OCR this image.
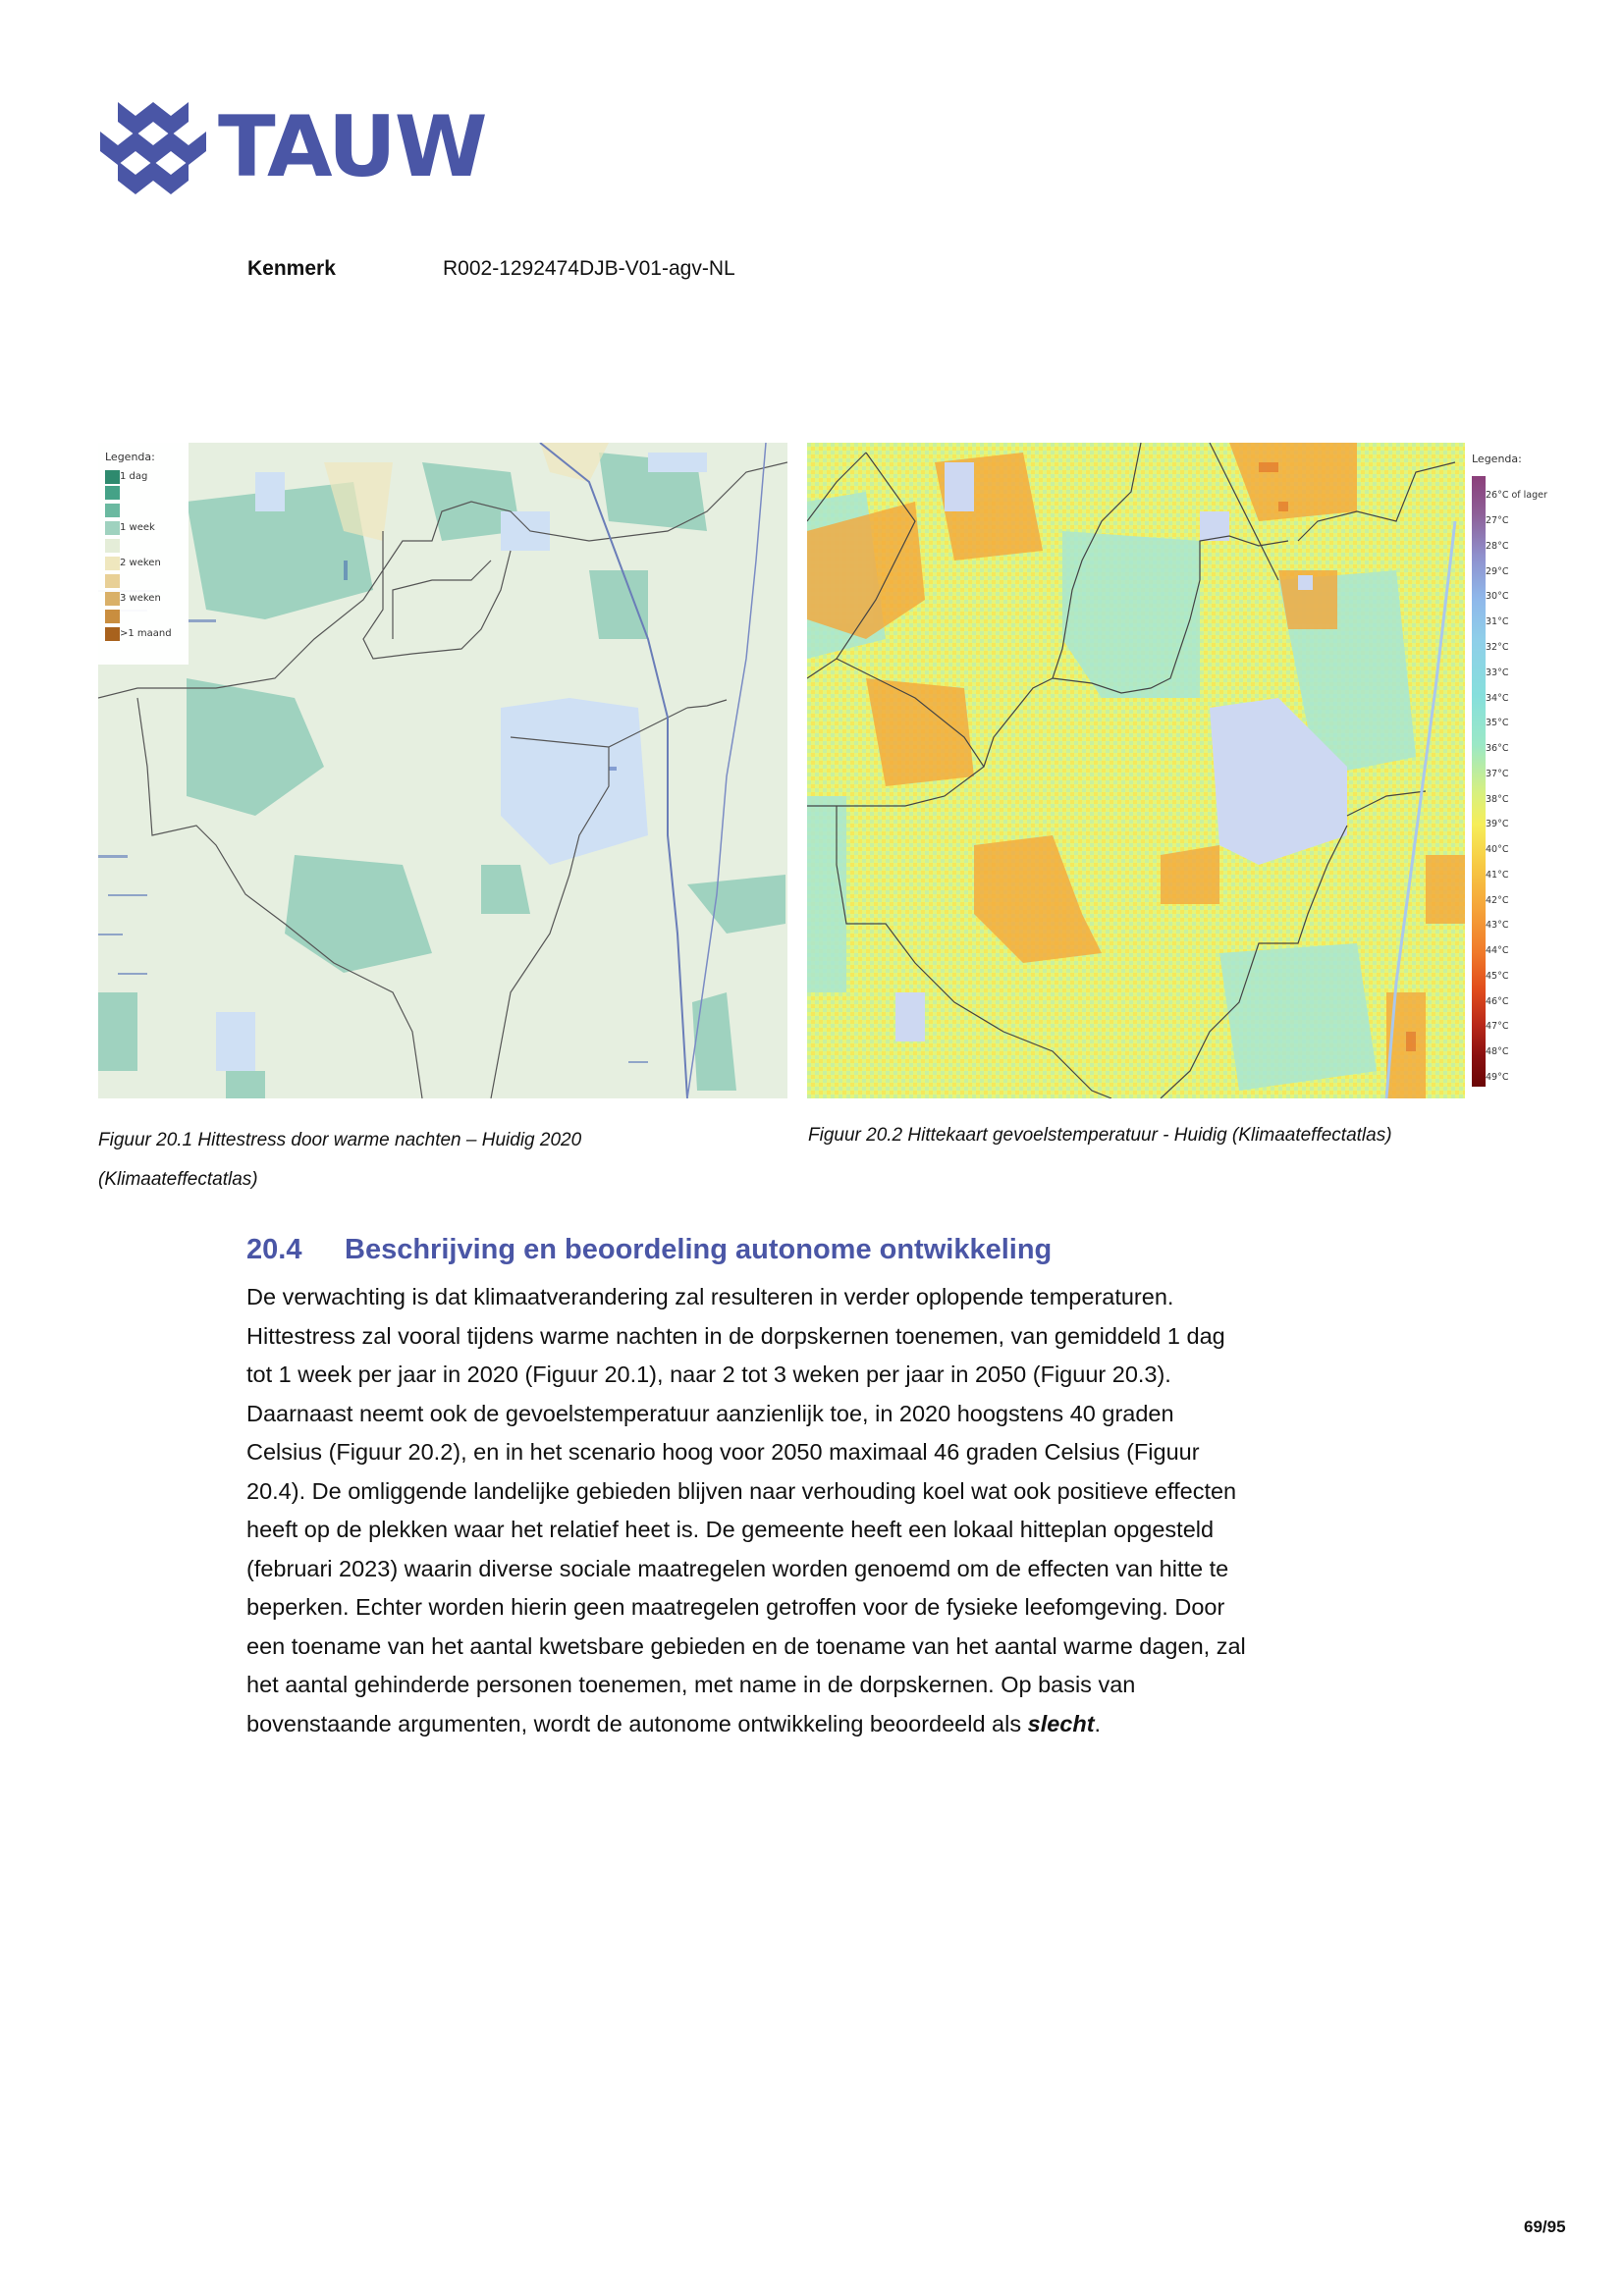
TAUW
Kenmerk	R002-1292474DJB-V01-agv-NL
Legenda:
1 dag
1 week
2 weken
3 weken
>1 maand
Legenda:
26°C of lager
27°C
28°C
29°C
30°C
31°C
32°C
33°C
34°C
35°C
36°C
37°C
38°C
39°C
40°C
41°C
42°C
43°C
44°C
45°C
46°C
47°C
48°C
49°C
Figuur 20.1 Hittestress door warme nachten – Huidig 2020
(Klimaateffectatlas)
Figuur 20.2 Hittekaart gevoelstemperatuur - Huidig (Klimaateffectatlas)
20.4	Beschrijving en beoordeling autonome ontwikkeling
De verwachting is dat klimaatverandering zal resulteren in verder oplopende temperaturen.
Hittestress zal vooral tijdens warme nachten in de dorpskernen toenemen, van gemiddeld 1 dag
tot 1 week per jaar in 2020 (Figuur 20.1), naar 2 tot 3 weken per jaar in 2050 (Figuur 20.3).
Daarnaast neemt ook de gevoelstemperatuur aanzienlijk toe, in 2020 hoogstens 40 graden
Celsius (Figuur 20.2), en in het scenario hoog voor 2050 maximaal 46 graden Celsius (Figuur
20.4). De omliggende landelijke gebieden blijven naar verhouding koel wat ook positieve effecten
heeft op de plekken waar het relatief heet is. De gemeente heeft een lokaal hitteplan opgesteld
(februari 2023) waarin diverse sociale maatregelen worden genoemd om de effecten van hitte te
beperken. Echter worden hierin geen maatregelen getroffen voor de fysieke leefomgeving. Door
een toename van het aantal kwetsbare gebieden en de toename van het aantal warme dagen, zal
het aantal gehinderde personen toenemen, met name in de dorpskernen. Op basis van
bovenstaande argumenten, wordt de autonome ontwikkeling beoordeeld als slecht.
69/95
